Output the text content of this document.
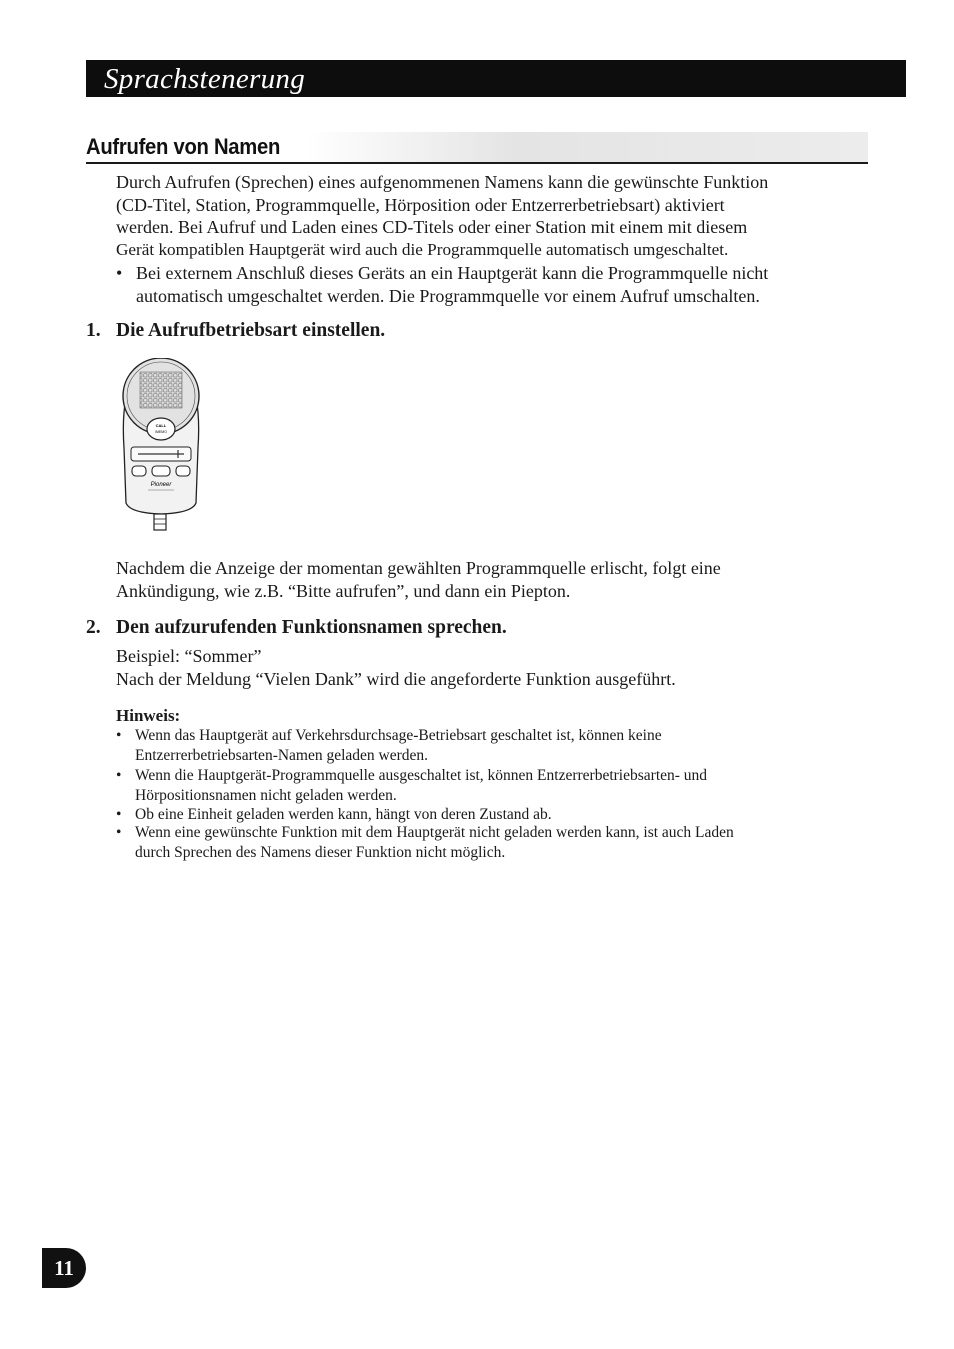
Sprachstenerung
Aufrufen von Namen
Durch Aufrufen (Sprechen) eines aufgenommenen Namens kann die gewünschte Funktion
(CD-Titel, Station, Programmquelle, Hörposition oder Entzerrerbetriebsart) aktiviert
werden. Bei Aufruf und Laden eines CD-Titels oder einer Station mit einem mit diesem
Gerät kompatiblen Hauptgerät wird auch die Programmquelle automatisch umgeschaltet.
• Bei externem Anschluß dieses Geräts an ein Hauptgerät kann die Programmquelle nicht
automatisch umgeschaltet werden. Die Programmquelle vor einem Aufruf umschalten.
1. Die Aufrufbetriebsart einstellen.
CALL
/MEMO
Pioneer
Nachdem die Anzeige der momentan gewählten Programmquelle erlischt, folgt eine
Ankündigung, wie z.B. “Bitte aufrufen”, und dann ein Piepton.
2. Den aufzurufenden Funktionsnamen sprechen.
Beispiel: “Sommer”
Nach der Meldung “Vielen Dank” wird die angeforderte Funktion ausgeführt.
Hinweis:
• Wenn das Hauptgerät auf Verkehrsdurchsage-Betriebsart geschaltet ist, können keine
Entzerrerbetriebsarten-Namen geladen werden.
• Wenn die Hauptgerät-Programmquelle ausgeschaltet ist, können Entzerrerbetriebsarten- und
Hörpositionsnamen nicht geladen werden.
• Ob eine Einheit geladen werden kann, hängt von deren Zustand ab.
• Wenn eine gewünschte Funktion mit dem Hauptgerät nicht geladen werden kann, ist auch Laden
durch Sprechen des Namens dieser Funktion nicht möglich.
11
